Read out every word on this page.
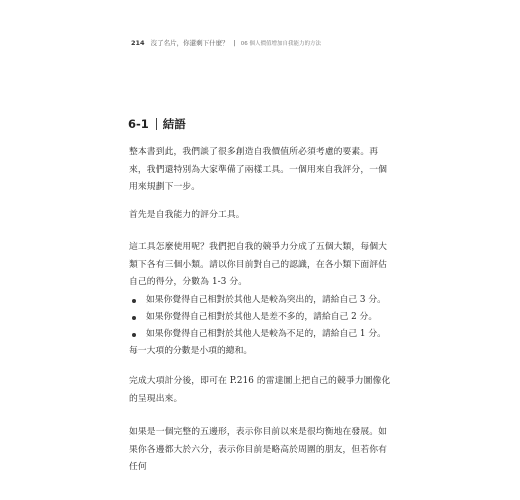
214 沒了名片，你還剩下什麼？ | 06 個人價值增加自我能力的方法
6-1 結語

整本書到此，我們談了很多創造自我價值所必須考慮的要素。再來，我們還特別為大家準備了兩樣工具。一個用來自我評分，一個用來規劃下一步。

首先是自我能力的評分工具。

這工具怎麼使用呢？我們把自我的競爭力分成了五個大類，每個大類下各有三個小類。請以你目前對自己的認識，在各小類下面評估自己的得分，分數為 1-3 分。

如果你覺得自己相對於其他人是較為突出的，請給自己 3 分。
如果你覺得自己相對於其他人是差不多的，請給自己 2 分。
如果你覺得自己相對於其他人是較為不足的，請給自己 1 分。

每一大項的分數是小項的總和。

完成大項計分後，即可在 P.216 的雷達圖上把自己的競爭力圖像化的呈現出來。

如果是一個完整的五邊形，表示你目前以來是很均衡地在發展。如果你各邊都大於六分，表示你目前是略高於周圍的朋友，但若你有任何
